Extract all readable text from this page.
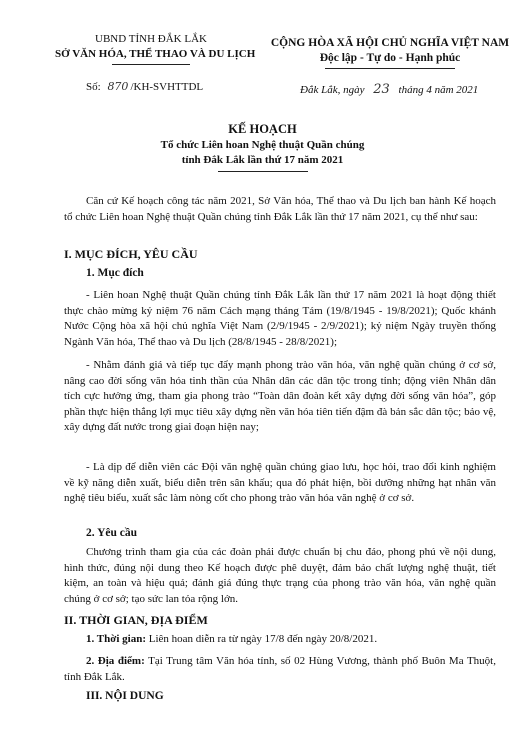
UBND TỈNH ĐẮK LẮK
SỞ VĂN HÓA, THỂ THAO VÀ DU LỊCH
Số: 870 /KH-SVHTTDL
CỘNG HÒA XÃ HỘI CHỦ NGHĨA VIỆT NAM
Độc lập - Tự do - Hạnh phúc
Đắk Lắk, ngày 23 tháng 4 năm 2021
KẾ HOẠCH
Tổ chức Liên hoan Nghệ thuật Quần chúng
tỉnh Đắk Lắk lần thứ 17 năm 2021
Căn cứ Kế hoạch công tác năm 2021, Sở Văn hóa, Thể thao và Du lịch ban hành Kế hoạch tổ chức Liên hoan Nghệ thuật Quần chúng tỉnh Đắk Lắk lần thứ 17 năm 2021, cụ thể như sau:
I. MỤC ĐÍCH, YÊU CẦU
1. Mục đích
- Liên hoan Nghệ thuật Quần chúng tỉnh Đắk Lắk lần thứ 17 năm 2021 là hoạt động thiết thực chào mừng kỷ niệm 76 năm Cách mạng tháng Tám (19/8/1945 - 19/8/2021); Quốc khánh Nước Cộng hòa xã hội chủ nghĩa Việt Nam (2/9/1945 - 2/9/2021); kỷ niệm Ngày truyền thống Ngành Văn hóa, Thể thao và Du lịch (28/8/1945 - 28/8/2021);
- Nhằm đánh giá và tiếp tục đẩy mạnh phong trào văn hóa, văn nghệ quần chúng ở cơ sở, nâng cao đời sống văn hóa tinh thần của Nhân dân các dân tộc trong tỉnh; động viên Nhân dân tích cực hưởng ứng, tham gia phong trào “Toàn dân đoàn kết xây dựng đời sống văn hóa”, góp phần thực hiện thắng lợi mục tiêu xây dựng nền văn hóa tiên tiến đậm đà bản sắc dân tộc; bảo vệ, xây dựng đất nước trong giai đoạn hiện nay;
- Là dịp để diễn viên các Đội văn nghệ quần chúng giao lưu, học hỏi, trao đổi kinh nghiệm về kỹ năng diễn xuất, biểu diễn trên sân khấu; qua đó phát hiện, bồi dưỡng những hạt nhân văn nghệ tiêu biểu, xuất sắc làm nòng cốt cho phong trào văn hóa văn nghệ ở cơ sở.
2. Yêu cầu
Chương trình tham gia của các đoàn phải được chuẩn bị chu đáo, phong phú về nội dung, hình thức, đúng nội dung theo Kế hoạch được phê duyệt, đảm bảo chất lượng nghệ thuật, tiết kiệm, an toàn và hiệu quả; đánh giá đúng thực trạng của phong trào văn hóa, văn nghệ quần chúng ở cơ sở; tạo sức lan tỏa rộng lớn.
II. THỜI GIAN, ĐỊA ĐIỂM
1. Thời gian: Liên hoan diễn ra từ ngày 17/8 đến ngày 20/8/2021.
2. Địa điểm: Tại Trung tâm Văn hóa tỉnh, số 02 Hùng Vương, thành phố Buôn Ma Thuột, tỉnh Đắk Lắk.
III. NỘI DUNG
